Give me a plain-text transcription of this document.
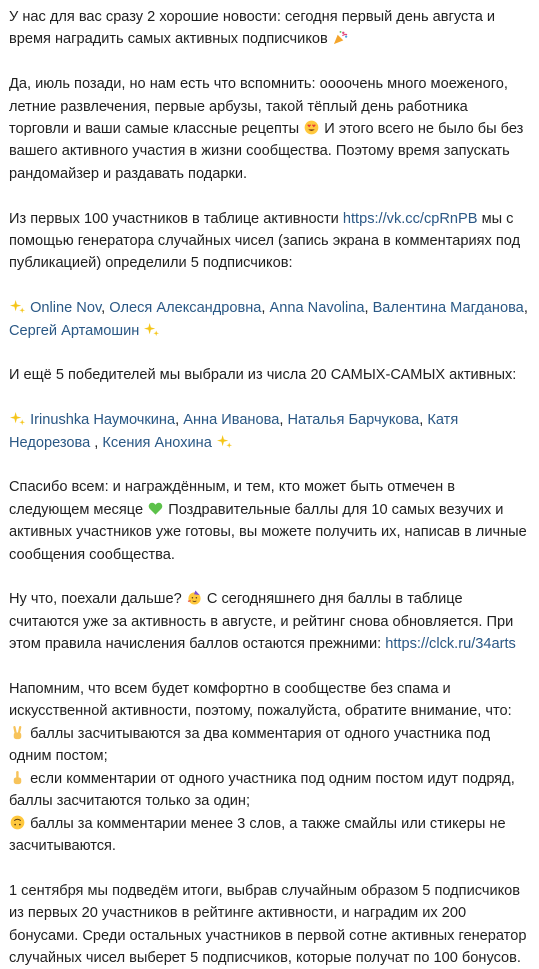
У нас для вас сразу 2 хорошие новости: сегодня первый день августа и время наградить самых активных подписчиков

Да, июль позади, но нам есть что вспомнить: оооочень много моеженого, летние развлечения, первые арбузы, такой тёплый день работника торговли и ваши самые классные рецепты И этого всего не было бы без вашего активного участия в жизни сообщества. Поэтому время запускать рандомайзер и раздавать подарки.

Из первых 100 участников в таблице активности https://vk.cc/cpRnPB мы с помощью генератора случайных чисел (запись экрана в комментариях под публикацией) определили 5 подписчиков:

Online Nov, Олеся Александровна, Anna Navolina, Валентина Магданова, Сергей Артамошин

И ещё 5 победителей мы выбрали из числа 20 САМЫХ-САМЫХ активных:

Irinushka Наумочкина, Анна Иванова, Наталья Барчукова, Катя Недорезова , Ксения Анохина

Спасибо всем: и награждённым, и тем, кто может быть отмечен в следующем месяце Поздравительные баллы для 10 самых везучих и активных участников уже готовы, вы можете получить их, написав в личные сообщения сообщества.

Ну что, поехали дальше? С сегодняшнего дня баллы в таблице считаются уже за активность в августе, и рейтинг снова обновляется. При этом правила начисления баллов остаются прежними: https://clck.ru/34arts

Напомним, что всем будет комфортно в сообществе без спама и искусственной активности, поэтому, пожалуйста, обратите внимание, что:

баллы засчитываются за два комментария от одного участника под одним постом;

если комментарии от одного участника под одним постом идут подряд, баллы засчитаются только за один;

баллы за комментарии менее 3 слов, а также смайлы или стикеры не засчитываются.

1 сентября мы подведём итоги, выбрав случайным образом 5 подписчиков из первых 20 участников в рейтинге активности, и наградим их 200 бонусами. Среди остальных участников в первой сотне активных генератор случайных чисел выберет 5 подписчиков, которые получат по 100 бонусов.
